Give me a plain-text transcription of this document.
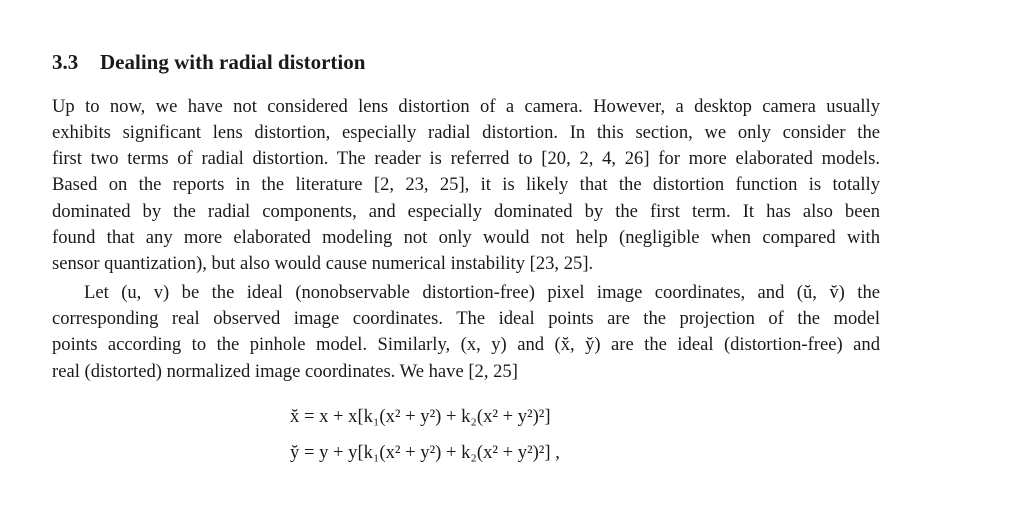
3.3 Dealing with radial distortion
Up to now, we have not considered lens distortion of a camera. However, a desktop camera usually
exhibits significant lens distortion, especially radial distortion. In this section, we only consider the
first two terms of radial distortion. The reader is referred to [20, 2, 4, 26] for more elaborated models.
Based on the reports in the literature [2, 23, 25], it is likely that the distortion function is totally
dominated by the radial components, and especially dominated by the first term. It has also been
found that any more elaborated modeling not only would not help (negligible when compared with
sensor quantization), but also would cause numerical instability [23, 25].
Let (u, v) be the ideal (nonobservable distortion-free) pixel image coordinates, and (ŭ, v̆) the
corresponding real observed image coordinates. The ideal points are the projection of the model
points according to the pinhole model. Similarly, (x, y) and (x̆, y̆) are the ideal (distortion-free) and
real (distorted) normalized image coordinates. We have [2, 25]
x̆ = x + x[k₁(x² + y²) + k₂(x² + y²)²]
y̆ = y + y[k₁(x² + y²) + k₂(x² + y²)²] ,
